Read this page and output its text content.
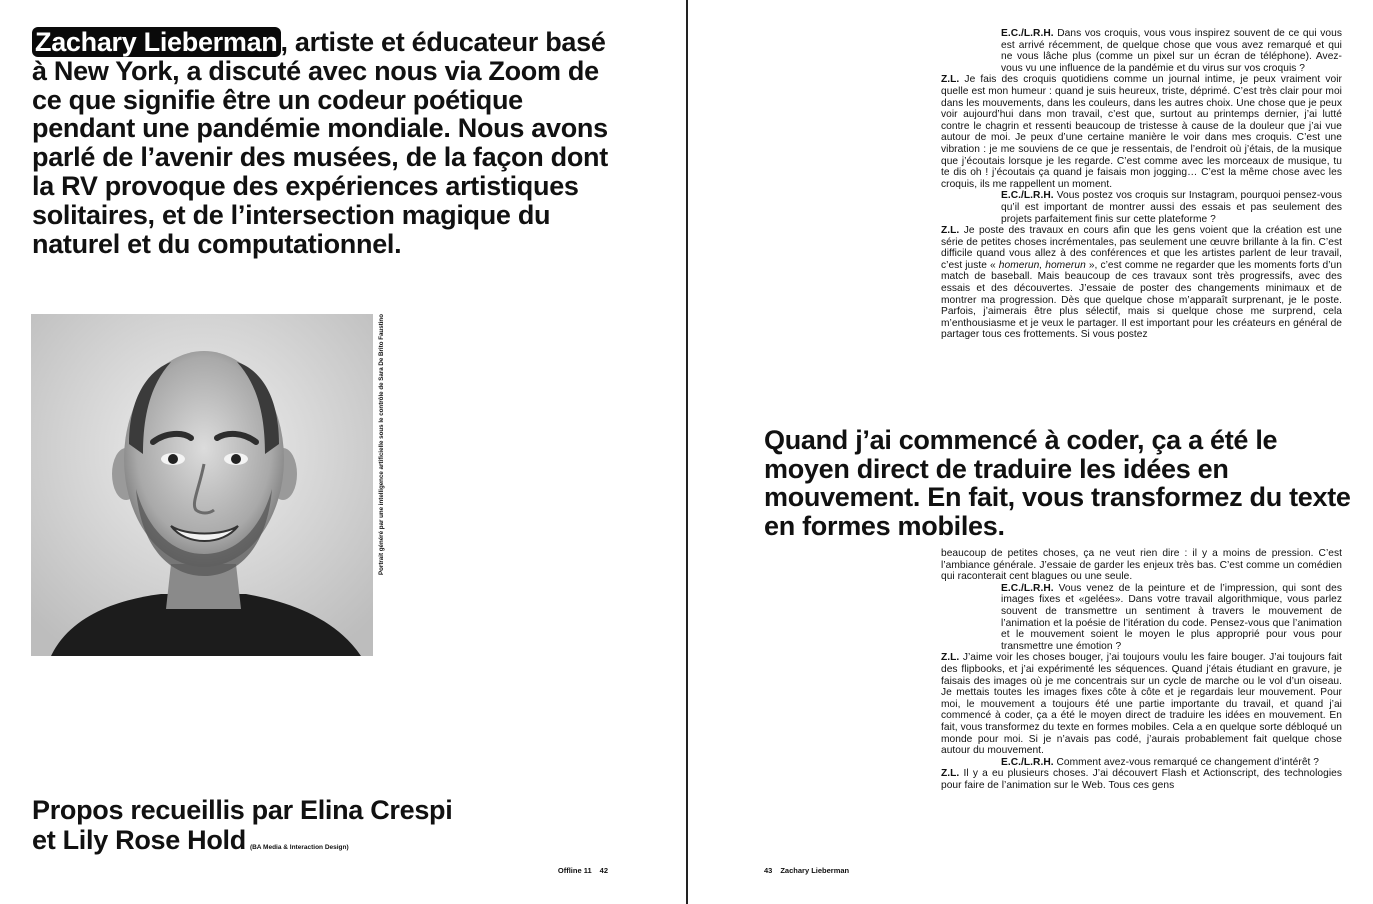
Zachary Lieberman , artiste et éducateur basé à New York, a discuté avec nous via Zoom de ce que signifie être un codeur poétique pendant une pandémie mondiale. Nous avons parlé de l’avenir des musées, de la façon dont la RV provoque des expériences artistiques solitaires, et de l’intersection magique du naturel et du computationnel.

Portrait généré par une intelligence artificielle sous le contrôle de Sara De Brito Faustino

Propos recueillis par Elina Crespi
et Lily Rose Hold (BA Media & Interaction Design)

Offline 11 42

E.C./L.R.H. Dans vos croquis, vous vous inspirez souvent de ce qui vous est arrivé récemment, de quelque chose que vous avez remarqué et qui ne vous lâche plus (comme un pixel sur un écran de téléphone). Avez-vous vu une influence de la pandémie et du virus sur vos croquis ?

Z.L. Je fais des croquis quotidiens comme un journal intime, je peux vraiment voir quelle est mon humeur : quand je suis heureux, triste, déprimé. C’est très clair pour moi dans les mouvements, dans les couleurs, dans les autres choix. Une chose que je peux voir aujourd’hui dans mon travail, c’est que, surtout au printemps dernier, j’ai lutté contre le chagrin et ressenti beaucoup de tristesse à cause de la douleur que j’ai vue autour de moi. Je peux d’une certaine manière le voir dans mes croquis. C’est une vibration : je me souviens de ce que je ressentais, de l’endroit où j’étais, de la musique que j’écoutais lorsque je les regarde. C’est comme avec les morceaux de musique, tu te dis oh ! j’écoutais ça quand je faisais mon jogging… C’est la même chose avec les croquis, ils me rappellent un moment.

E.C./L.R.H. Vous postez vos croquis sur Instagram, pourquoi pensez-vous qu’il est important de montrer aussi des essais et pas seulement des projets parfaitement finis sur cette plateforme ?

Z.L. Je poste des travaux en cours afin que les gens voient que la création est une série de petites choses incrémentales, pas seulement une œuvre brillante à la fin. C’est difficile quand vous allez à des conférences et que les artistes parlent de leur travail, c’est juste « homerun, homerun », c’est comme ne regarder que les moments forts d’un match de baseball. Mais beaucoup de ces travaux sont très progressifs, avec des essais et des découvertes. J’essaie de poster des changements minimaux et de montrer ma progression. Dès que quelque chose m’apparaît surprenant, je le poste. Parfois, j’aimerais être plus sélectif, mais si quelque chose me surprend, cela m’enthousiasme et je veux le partager. Il est important pour les créateurs en général de partager tous ces frottements. Si vous postez

Quand j’ai commencé à coder, ça a été le moyen direct de traduire les idées en mouvement. En fait, vous transformez du texte en formes mobiles.

beaucoup de petites choses, ça ne veut rien dire : il y a moins de pression. C’est l’ambiance générale. J’essaie de garder les enjeux très bas. C’est comme un comédien qui raconterait cent blagues ou une seule.

E.C./L.R.H. Vous venez de la peinture et de l’impression, qui sont des images fixes et «gelées». Dans votre travail algorithmique, vous parlez souvent de transmettre un sentiment à travers le mouvement de l’animation et la poésie de l’itération du code. Pensez-vous que l’animation et le mouvement soient le moyen le plus approprié pour vous pour transmettre une émotion ?

Z.L. J’aime voir les choses bouger, j’ai toujours voulu les faire bouger. J’ai toujours fait des flipbooks, et j’ai expérimenté les séquences. Quand j’étais étudiant en gravure, je faisais des images où je me concentrais sur un cycle de marche ou le vol d’un oiseau. Je mettais toutes les images fixes côte à côte et je regardais leur mouvement. Pour moi, le mouvement a toujours été une partie importante du travail, et quand j’ai commencé à coder, ça a été le moyen direct de traduire les idées en mouvement. En fait, vous transformez du texte en formes mobiles. Cela a en quelque sorte débloqué un monde pour moi. Si je n’avais pas codé, j’aurais probablement fait quelque chose autour du mouvement.

E.C./L.R.H. Comment avez-vous remarqué ce changement d’intérêt ?

Z.L. Il y a eu plusieurs choses. J’ai découvert Flash et Actionscript, des technologies pour faire de l’animation sur le Web. Tous ces gens

43 Zachary Lieberman
